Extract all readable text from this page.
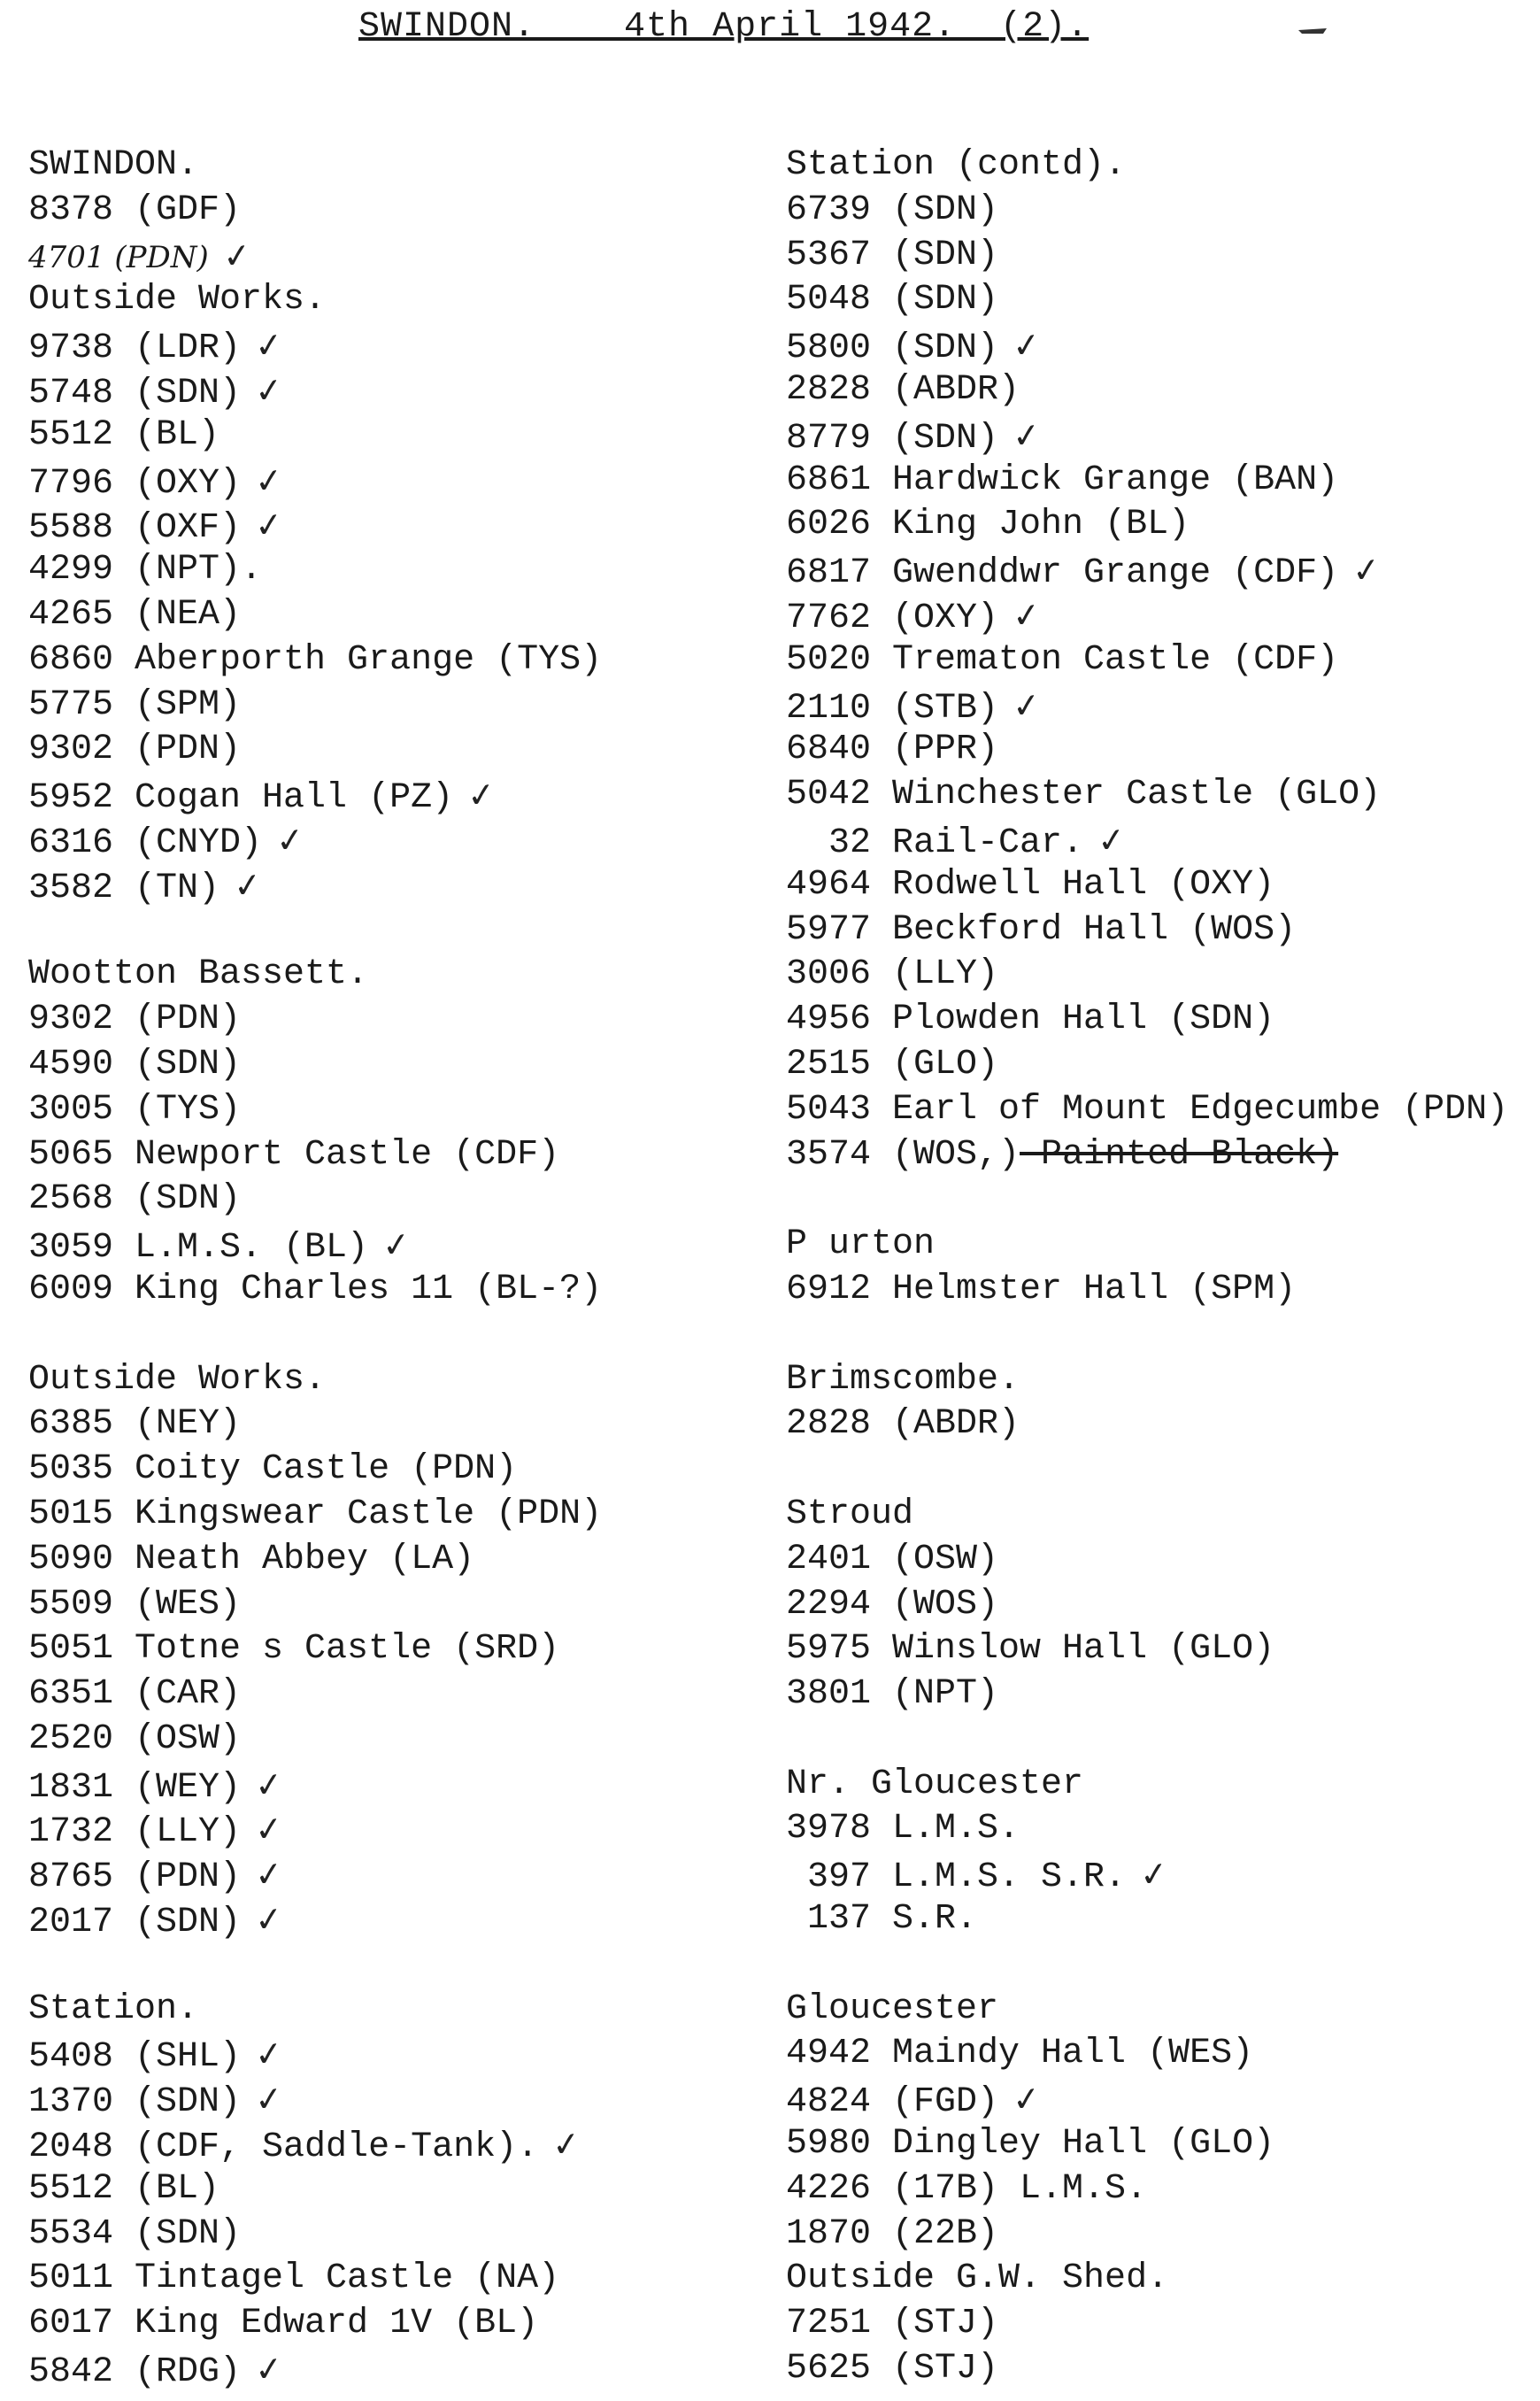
SWINDON.    4th April 1942.  (2).
SWINDON.
8378 (GDF)
4701 (PDN) ✓
Outside Works.
9738 (LDR) ✓
5748 (SDN) ✓
5512 (BL)
7796 (OXY) ✓
5588 (OXF) ✓
4299 (NPT).
4265 (NEA)
6860 Aberporth Grange (TYS)
5775 (SPM)
9302 (PDN)
5952 Cogan Hall (PZ) ✓
6316 (CNYD) ✓
3582 (TN) ✓
Wootton Bassett.
9302 (PDN)
4590 (SDN)
3005 (TYS)
5065 Newport Castle (CDF)
2568 (SDN)
3059 L.M.S. (BL) ✓
6009 King Charles 11 (BL-?)
Outside Works.
6385 (NEY)
5035 Coity Castle (PDN)
5015 Kingswear Castle (PDN)
5090 Neath Abbey (LA)
5509 (WES)
5051 Totne s Castle (SRD)
6351 (CAR)
2520 (OSW)
1831 (WEY) ✓
1732 (LLY) ✓
8765 (PDN) ✓
2017 (SDN) ✓
Station.
5408 (SHL) ✓
1370 (SDN) ✓
2048 (CDF, Saddle-Tank). ✓
5512 (BL)
5534 (SDN)
5011 Tintagel Castle (NA)
6017 King Edward 1V (BL)
5842 (RDG) ✓
Station (contd).
6739 (SDN)
5367 (SDN)
5048 (SDN)
5800 (SDN) ✓
2828 (ABDR)
8779 (SDN) ✓
6861 Hardwick Grange (BAN)
6026 King John (BL)
6817 Gwenddwr Grange (CDF) ✓
7762 (OXY) ✓
5020 Trematon Castle (CDF)
2110 (STB) ✓
6840 (PPR)
5042 Winchester Castle (GLO)
32 Rail-Car. ✓
4964 Rodwell Hall (OXY)
5977 Beckford Hall (WOS)
3006 (LLY)
4956 Plowden Hall (SDN)
2515 (GLO)
5043 Earl of Mount Edgecumbe (PDN)
3574 (WOS,) Painted Black)
P urton
6912 Helmster Hall (SPM)
Brimscombe.
2828 (ABDR)
Stroud
2401 (OSW)
2294 (WOS)
5975 Winslow Hall (GLO)
3801 (NPT)
Nr. Gloucester
3978 L.M.S.
397 L.M.S. S.R. ✓
137 S.R.
Gloucester
4942 Maindy Hall (WES)
4824 (FGD) ✓
5980 Dingley Hall (GLO)
4226 (17B) L.M.S.
1870 (22B)
Outside G.W. Shed.
7251 (STJ)
5625 (STJ)
